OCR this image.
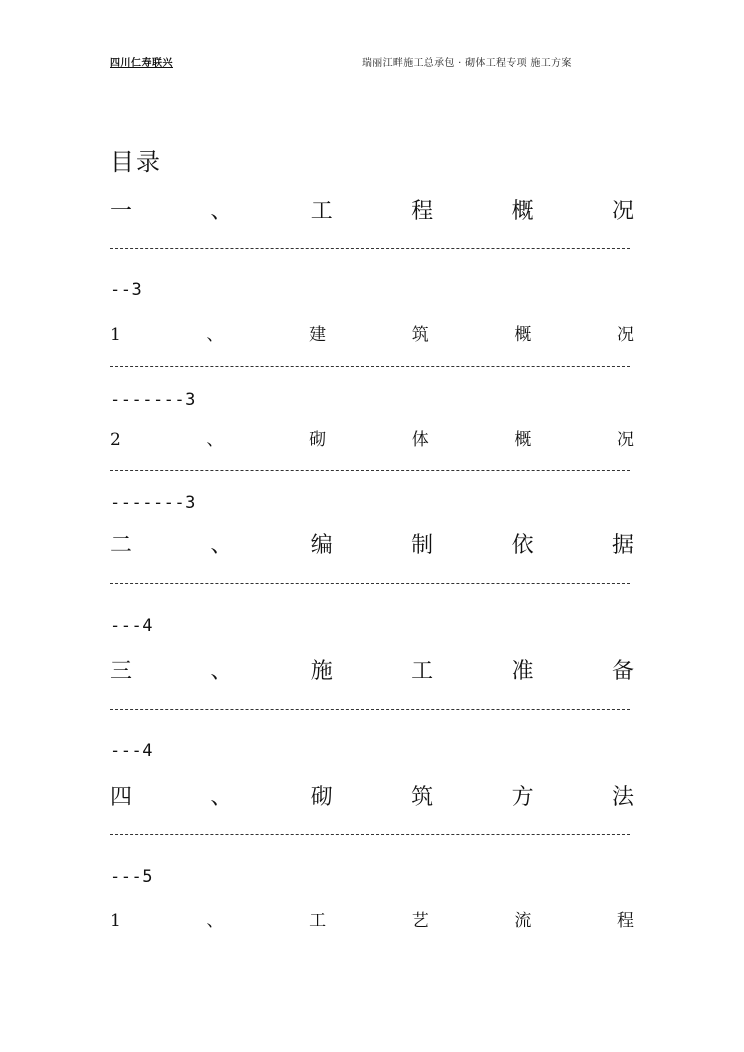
四川仁寿联兴	瑞丽江畔施工总承包 · 砌体工程专项 施工方案
目录
一	、	工	程	概	况
--3
1	、	建	筑	概	况
-------3
2	、	砌	体	概	况
-------3
二	、	编	制	依	据
---4
三	、	施	工	准	备
---4
四	、	砌	筑	方	法
---5
1	、	工	艺	流	程
